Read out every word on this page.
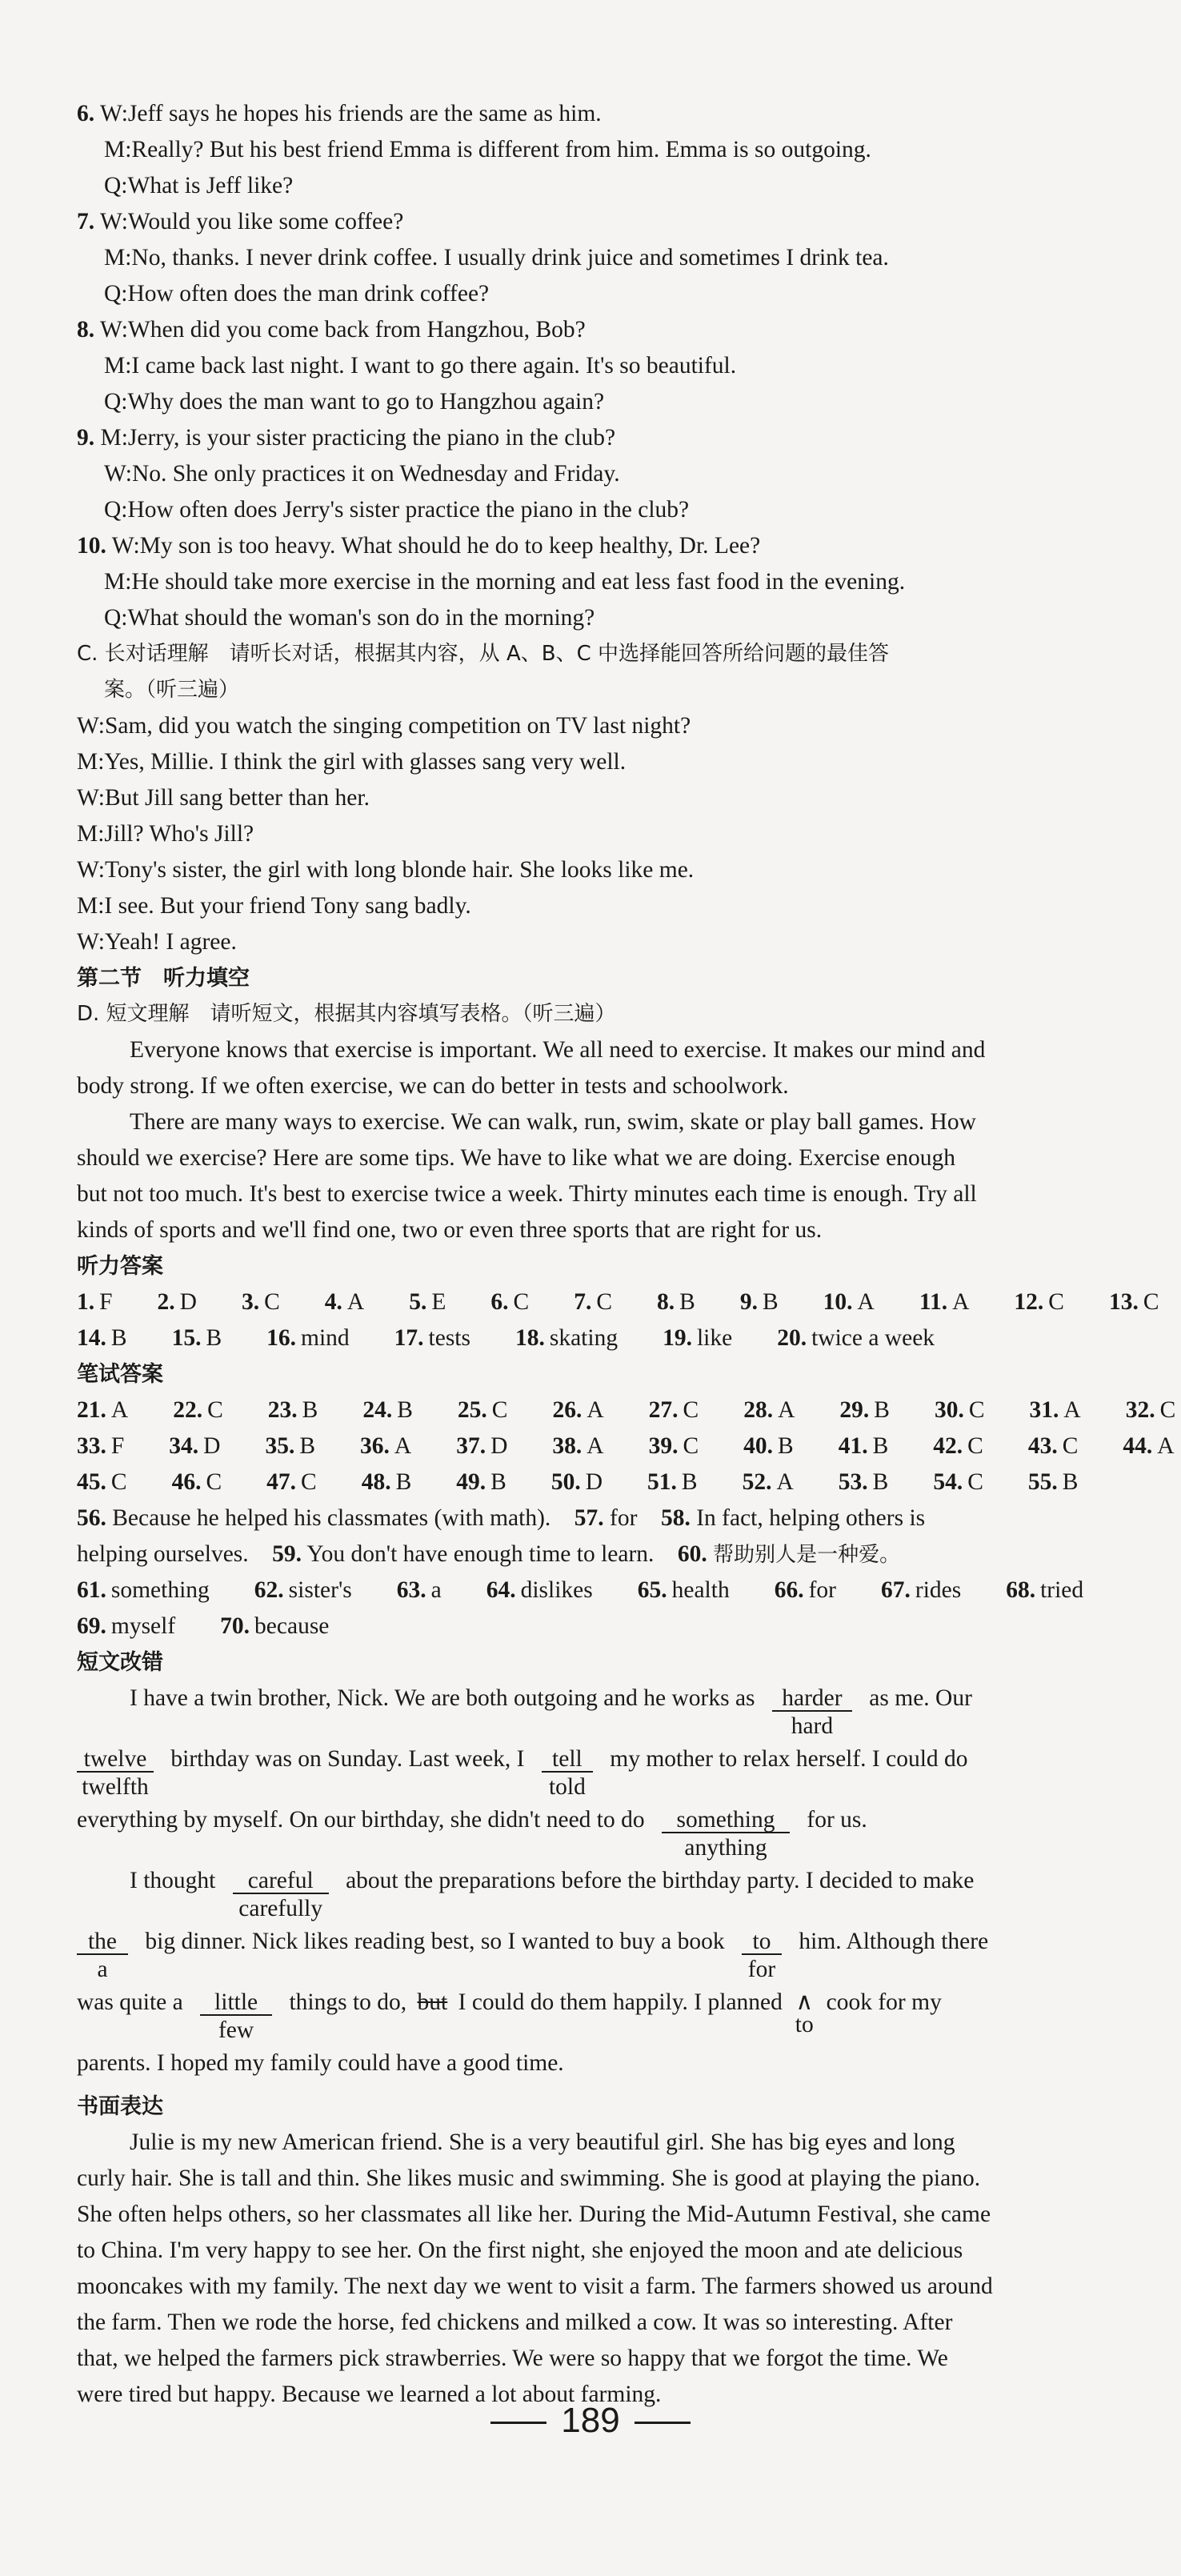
6. W:Jeff says he hopes his friends are the same as him.
M:Really? But his best friend Emma is different from him. Emma is so outgoing.
Q:What is Jeff like?
7. W:Would you like some coffee?
M:No, thanks. I never drink coffee. I usually drink juice and sometimes I drink tea.
Q:How often does the man drink coffee?
8. W:When did you come back from Hangzhou, Bob?
M:I came back last night. I want to go there again. It's so beautiful.
Q:Why does the man want to go to Hangzhou again?
9. M:Jerry, is your sister practicing the piano in the club?
W:No. She only practices it on Wednesday and Friday.
Q:How often does Jerry's sister practice the piano in the club?
10. W:My son is too heavy. What should he do to keep healthy, Dr. Lee?
M:He should take more exercise in the morning and eat less fast food in the evening.
Q:What should the woman's son do in the morning?
C. 长对话理解　请听长对话，根据其内容，从 A、B、C 中选择能回答所给问题的最佳答
案。（听三遍）
W:Sam, did you watch the singing competition on TV last night?
M:Yes, Millie. I think the girl with glasses sang very well.
W:But Jill sang better than her.
M:Jill? Who's Jill?
W:Tony's sister, the girl with long blonde hair. She looks like me.
M:I see. But your friend Tony sang badly.
W:Yeah! I agree.
第二节　听力填空
D. 短文理解　请听短文，根据其内容填写表格。（听三遍）
Everyone knows that exercise is important. We all need to exercise. It makes our mind and
body strong. If we often exercise, we can do better in tests and schoolwork.
There are many ways to exercise. We can walk, run, swim, skate or play ball games. How
should we exercise? Here are some tips. We have to like what we are doing. Exercise enough
but not too much. It's best to exercise twice a week. Thirty minutes each time is enough. Try all
kinds of sports and we'll find one, two or even three sports that are right for us.
听力答案
1. F 2. D 3. C 4. A 5. E 6. C 7. C 8. B 9. B 10. A 11. A 12. C 13. C
14. B 15. B 16. mind 17. tests 18. skating 19. like 20. twice a week
笔试答案
21. A 22. C 23. B 24. B 25. C 26. A 27. C 28. A 29. B 30. C 31. A 32. C
33. F 34. D 35. B 36. A 37. D 38. A 39. C 40. B 41. B 42. C 43. C 44. A
45. C 46. C 47. C 48. B 49. B 50. D 51. B 52. A 53. B 54. C 55. B
56. Because he helped his classmates (with math). 57. for 58. In fact, helping others is
helping ourselves. 59. You don't have enough time to learn. 60. 帮助别人是一种爱。
61. something 62. sister's 63. a 64. dislikes 65. health 66. for 67. rides 68. tried
69. myself 70. because
短文改错
I have a twin brother, Nick. We are both outgoing and he works as harder
hard
as me. Our
twelve
twelfth
birthday was on Sunday. Last week, I tell
told
my mother to relax herself. I could do
everything by myself. On our birthday, she didn't need to do something
anything
for us.
I thought careful
carefully
about the preparations before the birthday party. I decided to make
the
a
big dinner. Nick likes reading best, so I wanted to buy a book to
for
him. Although there
was quite a little
few
things to do, but I could do them happily. I planned ∧
to
cook for my
parents. I hoped my family could have a good time.
书面表达
Julie is my new American friend. She is a very beautiful girl. She has big eyes and long
curly hair. She is tall and thin. She likes music and swimming. She is good at playing the piano.
She often helps others, so her classmates all like her. During the Mid-Autumn Festival, she came
to China. I'm very happy to see her. On the first night, she enjoyed the moon and ate delicious
mooncakes with my family. The next day we went to visit a farm. The farmers showed us around
the farm. Then we rode the horse, fed chickens and milked a cow. It was so interesting. After
that, we helped the farmers pick strawberries. We were so happy that we forgot the time. We
were tired but happy. Because we learned a lot about farming.
189
